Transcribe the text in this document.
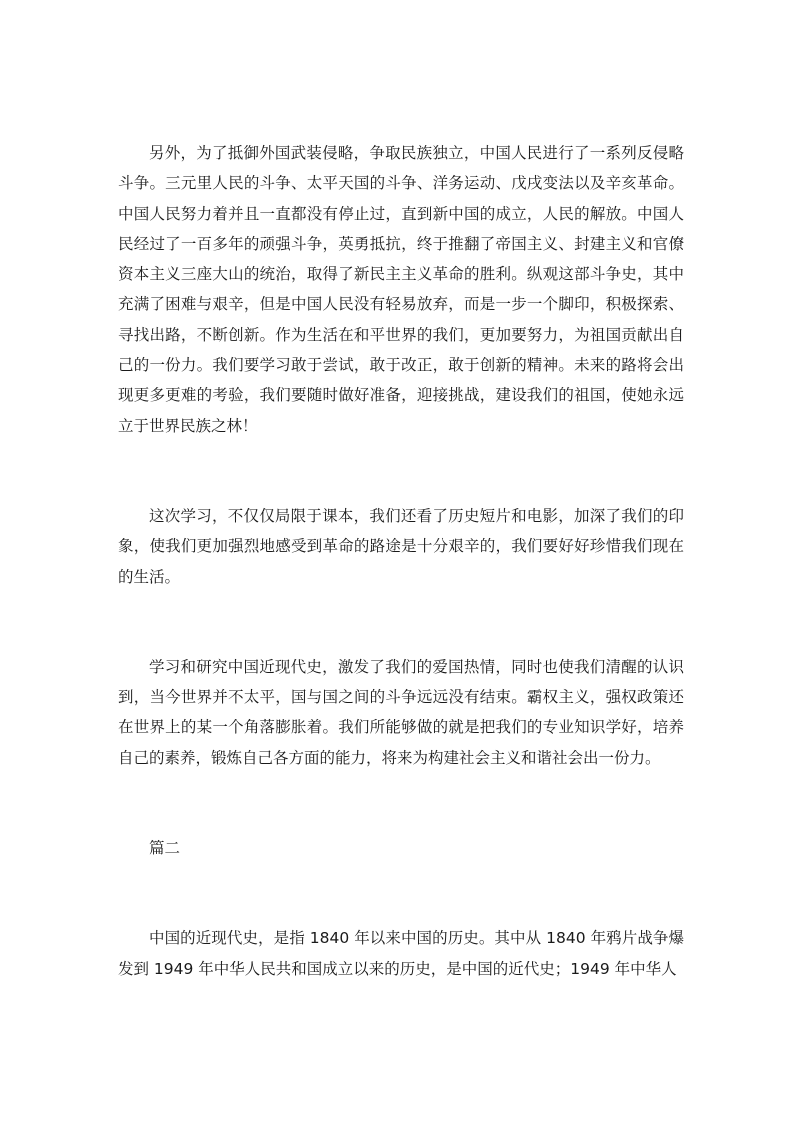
另外，为了抵御外国武装侵略，争取民族独立，中国人民进行了一系列反侵略斗争。三元里人民的斗争、太平天国的斗争、洋务运动、戊戌变法以及辛亥革命。中国人民努力着并且一直都没有停止过，直到新中国的成立，人民的解放。中国人民经过了一百多年的顽强斗争，英勇抵抗，终于推翻了帝国主义、封建主义和官僚资本主义三座大山的统治，取得了新民主主义革命的胜利。纵观这部斗争史，其中充满了困难与艰辛，但是中国人民没有轻易放弃，而是一步一个脚印，积极探索、寻找出路，不断创新。作为生活在和平世界的我们，更加要努力，为祖国贡献出自己的一份力。我们要学习敢于尝试，敢于改正，敢于创新的精神。未来的路将会出现更多更难的考验，我们要随时做好准备，迎接挑战，建设我们的祖国，使她永远立于世界民族之林！

这次学习，不仅仅局限于课本，我们还看了历史短片和电影，加深了我们的印象，使我们更加强烈地感受到革命的路途是十分艰辛的，我们要好好珍惜我们现在的生活。

学习和研究中国近现代史，激发了我们的爱国热情，同时也使我们清醒的认识到，当今世界并不太平，国与国之间的斗争远远没有结束。霸权主义，强权政策还在世界上的某一个角落膨胀着。我们所能够做的就是把我们的专业知识学好，培养自己的素养，锻炼自己各方面的能力，将来为构建社会主义和谐社会出一份力。

篇二

中国的近现代史，是指 1840 年以来中国的历史。其中从 1840 年鸦片战争爆发到 1949 年中华人民共和国成立以来的历史，是中国的近代史；1949 年中华人
